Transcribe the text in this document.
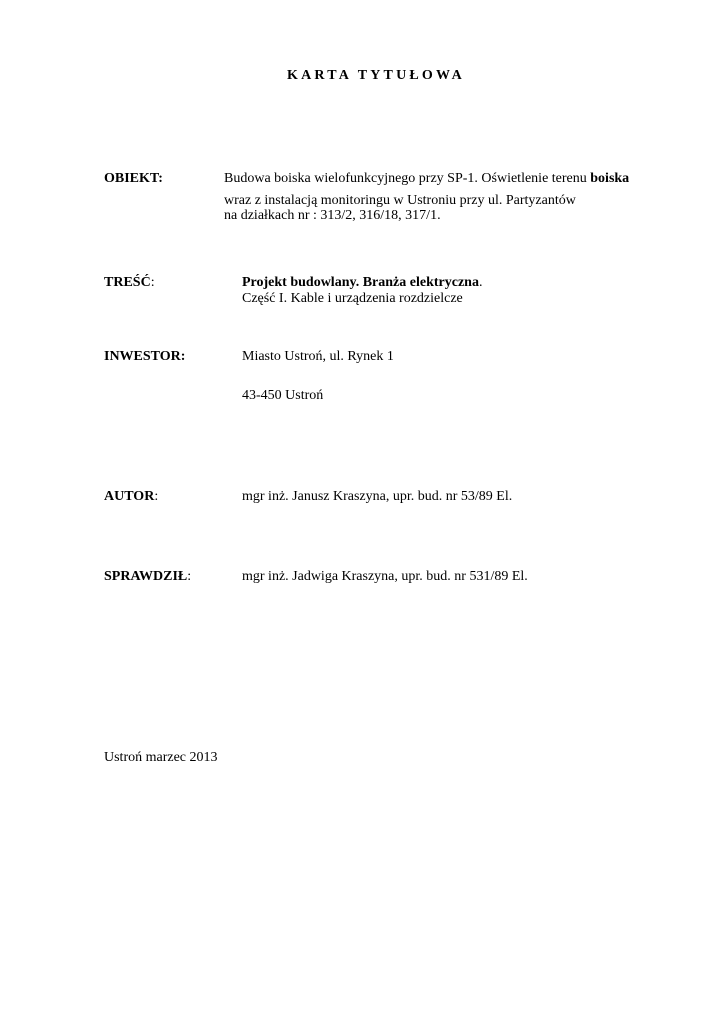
KARTA TYTUŁOWA
OBIEKT:	Budowa boiska wielofunkcyjnego przy SP-1. Oświetlenie terenu boiska
wraz z instalacją monitoringu w Ustroniu przy ul. Partyzantów
na działkach nr : 313/2, 316/18, 317/1.
TREŚĆ:	Projekt budowlany. Branża elektryczna.
Część I. Kable i urządzenia rozdzielcze
INWESTOR:	Miasto Ustroń, ul. Rynek 1
43-450 Ustroń
AUTOR:	mgr inż. Janusz Kraszyna, upr. bud. nr 53/89 El.
SPRAWDZIŁ:	mgr inż. Jadwiga Kraszyna, upr. bud. nr 531/89 El.
Ustroń marzec 2013
